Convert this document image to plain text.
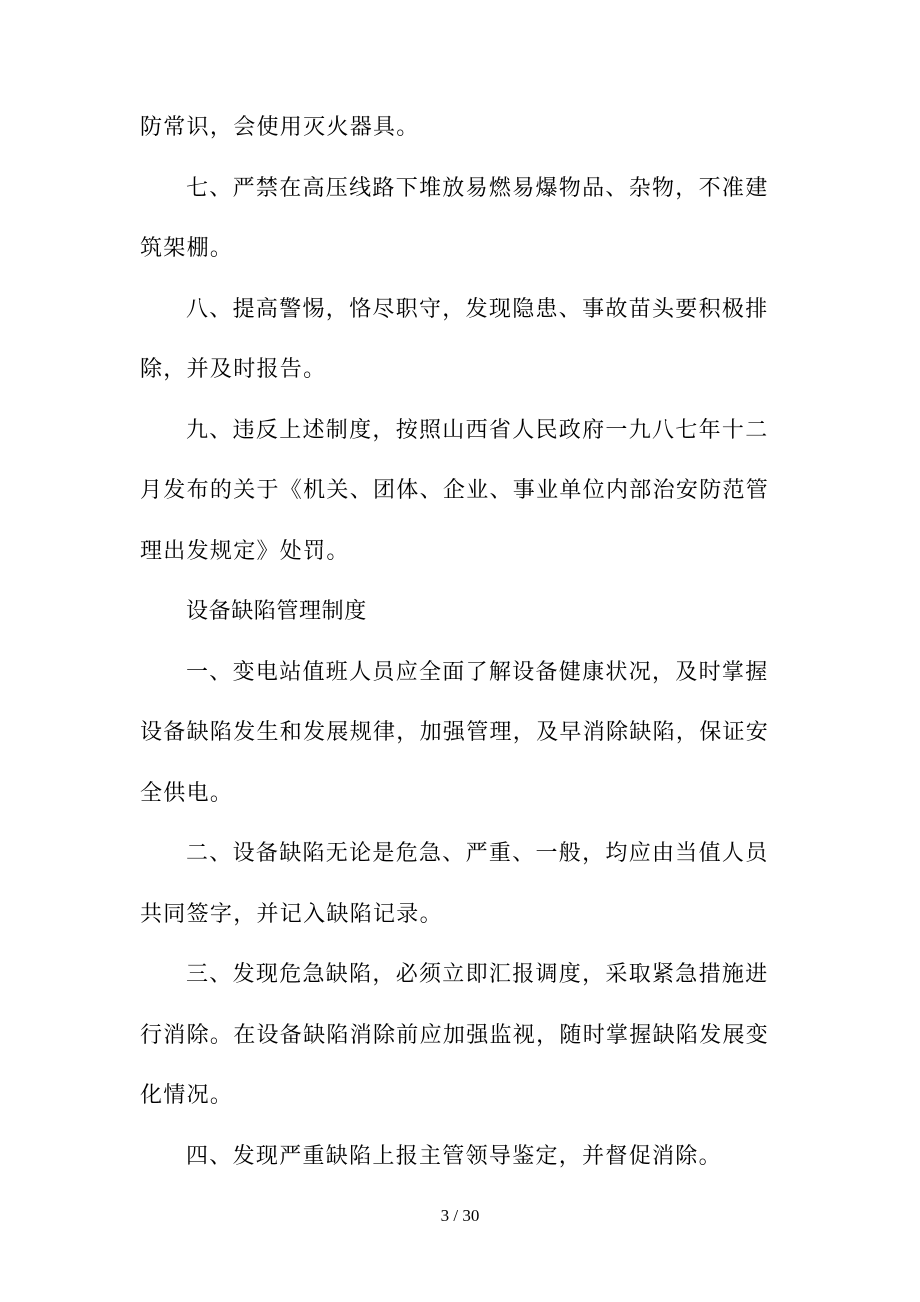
防常识，会使用灭火器具。
七、严禁在高压线路下堆放易燃易爆物品、杂物，不准建
筑架棚。
八、提高警惕，恪尽职守，发现隐患、事故苗头要积极排
除，并及时报告。
九、违反上述制度，按照山西省人民政府一九八七年十二
月发布的关于《机关、团体、企业、事业单位内部治安防范管
理出发规定》处罚。
设备缺陷管理制度
一、变电站值班人员应全面了解设备健康状况，及时掌握
设备缺陷发生和发展规律，加强管理，及早消除缺陷，保证安
全供电。
二、设备缺陷无论是危急、严重、一般，均应由当值人员
共同签字，并记入缺陷记录。
三、发现危急缺陷，必须立即汇报调度，采取紧急措施进
行消除。在设备缺陷消除前应加强监视，随时掌握缺陷发展变
化情况。
四、发现严重缺陷上报主管领导鉴定，并督促消除。
3 / 30
